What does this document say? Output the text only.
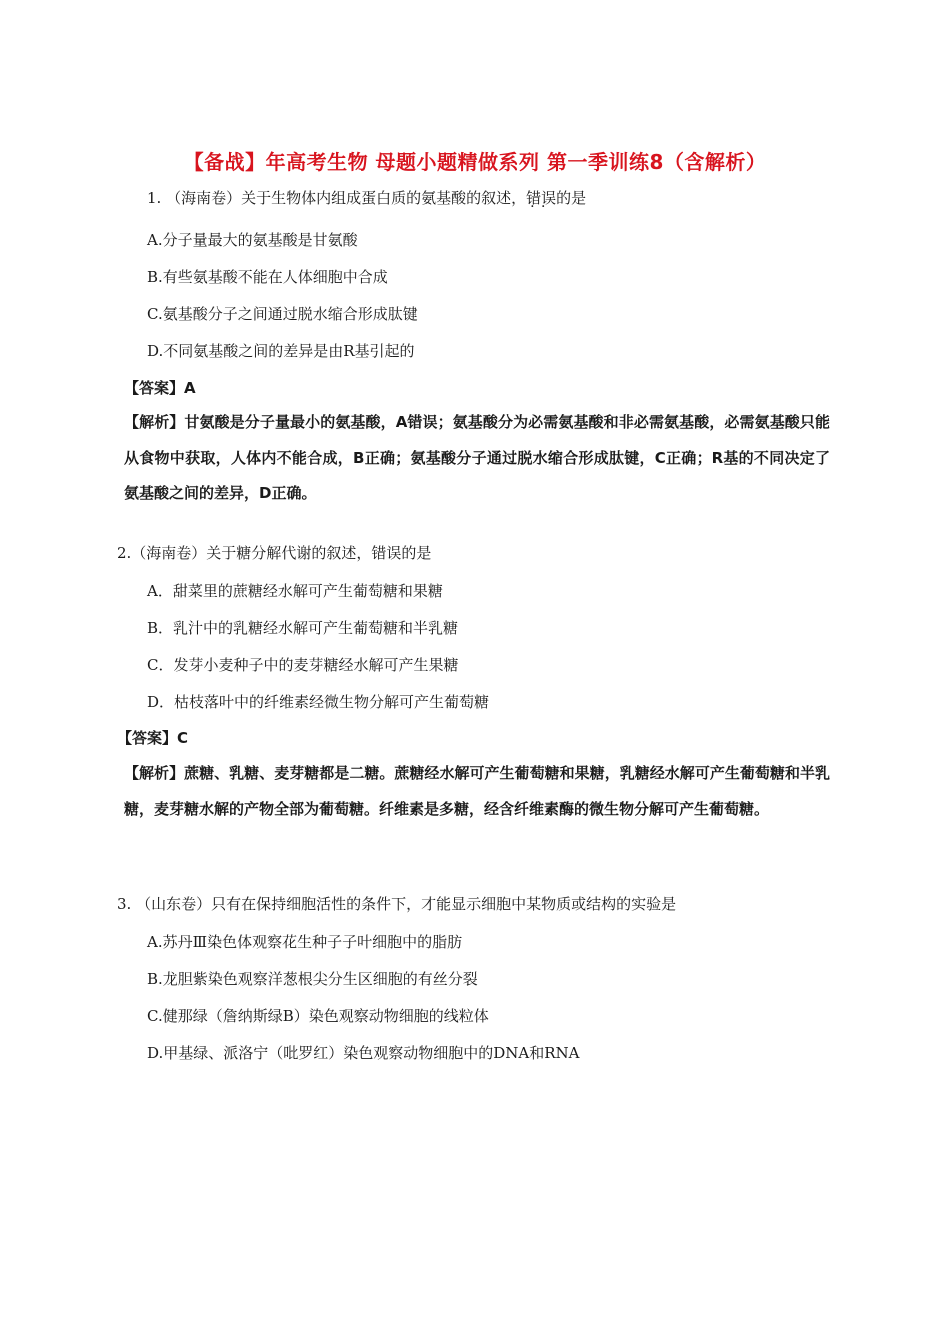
【备战】年高考生物 母题小题精做系列 第一季训练8（含解析）
1. （海南卷）关于生物体内组成蛋白质的氨基酸的叙述，错误 · ·的是
A.分子量最大的氨基酸是甘氨酸
B.有些氨基酸不能在人体细胞中合成
C.氨基酸分子之间通过脱水缩合形成肽键
D.不同氨基酸之间的差异是由R基引起的
【答案】A
【解析】甘氨酸是分子量最小的氨基酸，A错误；氨基酸分为必需氨基酸和非必需氨基酸，必需氨基酸只能从食物中获取，人体内不能合成，B正确；氨基酸分子通过脱水缩合形成肽键，C正确；R基的不同决定了氨基酸之间的差异，D正确。
2.（海南卷）关于糖分解代谢的叙述，错误的是
A．甜菜里的蔗糖经水解可产生葡萄糖和果糖
B．乳汁中的乳糖经水解可产生葡萄糖和半乳糖
C．发芽小麦种子中的麦芽糖经水解可产生果糖
D．枯枝落叶中的纤维素经微生物分解可产生葡萄糖
【答案】C
【解析】蔗糖、乳糖、麦芽糖都是二糖。蔗糖经水解可产生葡萄糖和果糖，乳糖经水解可产生葡萄糖和半乳糖，麦芽糖水解的产物全部为葡萄糖。纤维素是多糖，经含纤维素酶的微生物分解可产生葡萄糖。
3. （山东卷）只有在保持细胞活性的条件下，才能显示细胞中某物质或结构的实验是
A.苏丹Ⅲ染色体观察花生种子子叶细胞中的脂肪
B.龙胆紫染色观察洋葱根尖分生区细胞的有丝分裂
C.健那绿（詹纳斯绿B）染色观察动物细胞的线粒体
D.甲基绿、派洛宁（吡罗红）染色观察动物细胞中的DNA和RNA
